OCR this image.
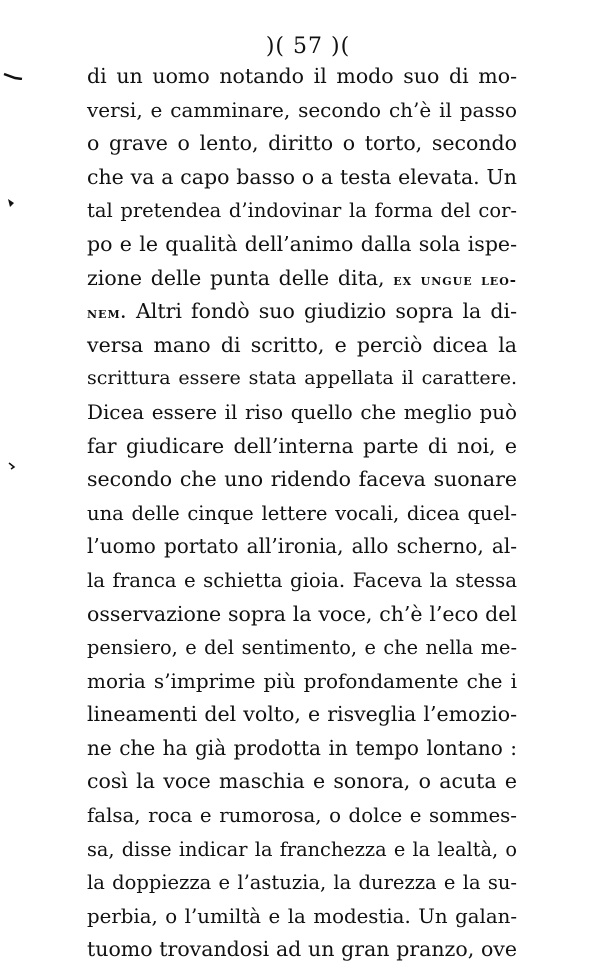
)( 57 )(
di un uomo notando il modo suo di mo-
versi, e camminare, secondo ch’è il passo
o grave o lento, diritto o torto, secondo
che va a capo basso o a testa elevata. Un
tal pretendea d’indovinar la forma del cor-
po e le qualità dell’animo dalla sola ispe-
zione delle punta delle dita, ex ungue leo-
nem. Altri fondò suo giudizio sopra la di-
versa mano di scritto, e perciò dicea la
scrittura essere stata appellata il carattere.
Dicea essere il riso quello che meglio può
far giudicare dell’interna parte di noi, e
secondo che uno ridendo faceva suonare
una delle cinque lettere vocali, dicea quel-
l’uomo portato all’ironia, allo scherno, al-
la franca e schietta gioia. Faceva la stessa
osservazione sopra la voce, ch’è l’eco del
pensiero, e del sentimento, e che nella me-
moria s’imprime più profondamente che i
lineamenti del volto, e risveglia l’emozio-
ne che ha già prodotta in tempo lontano :
così la voce maschia e sonora, o acuta e
falsa, roca e rumorosa, o dolce e sommes-
sa, disse indicar la franchezza e la lealtà, o
la doppiezza e l’astuzia, la durezza e la su-
perbia, o l’umiltà e la modestia. Un galan-
tuomo trovandosi ad un gran pranzo, ove
